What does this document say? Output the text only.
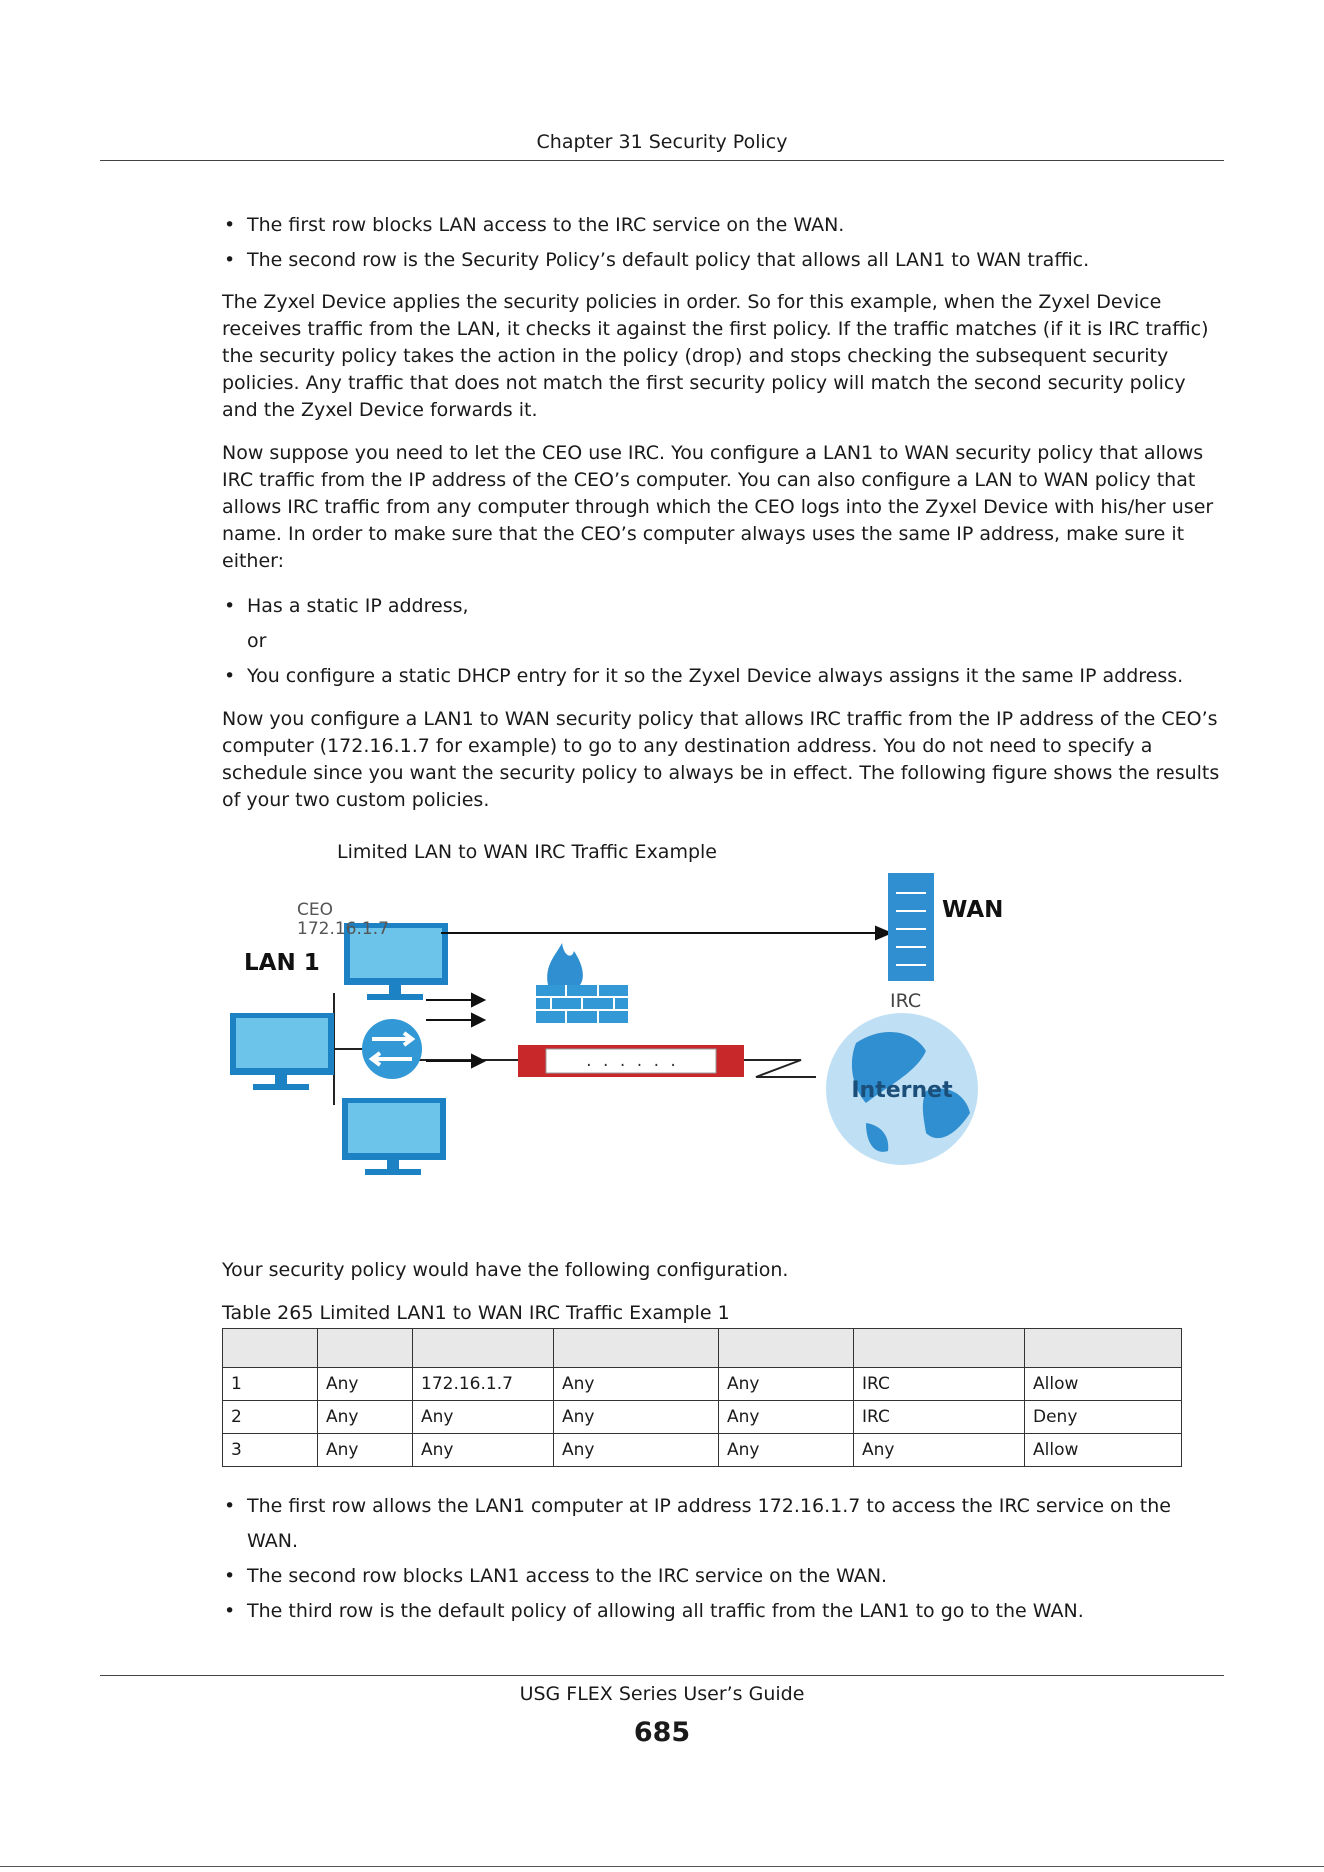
Chapter 31 Security Policy
• The first row blocks LAN access to the IRC service on the WAN.
• The second row is the Security Policy’s default policy that allows all LAN1 to WAN traffic.

The Zyxel Device applies the security policies in order. So for this example, when the Zyxel Device receives traffic from the LAN, it checks it against the first policy. If the traffic matches (if it is IRC traffic) the security policy takes the action in the policy (drop) and stops checking the subsequent security policies. Any traffic that does not match the first security policy will match the second security policy and the Zyxel Device forwards it.

Now suppose you need to let the CEO use IRC. You configure a LAN1 to WAN security policy that allows IRC traffic from the IP address of the CEO’s computer. You can also configure a LAN to WAN policy that allows IRC traffic from any computer through which the CEO logs into the Zyxel Device with his/her user name. In order to make sure that the CEO’s computer always uses the same IP address, make sure it either:

• Has a static IP address,
or
• You configure a static DHCP entry for it so the Zyxel Device always assigns it the same IP address.

Now you configure a LAN1 to WAN security policy that allows IRC traffic from the IP address of the CEO’s computer (172.16.1.7 for example) to go to any destination address. You do not need to specify a schedule since you want the security policy to always be in effect. The following figure shows the results of your two custom policies.

Limited LAN to WAN IRC Traffic Example
. . . . . .
CEO
172.16.1.7
LAN 1
WAN
IRC
Internet

Your security policy would have the following configuration.

Table 265 Limited LAN1 to WAN IRC Traffic Example 1

1	Any	172.16.1.7	Any	Any	IRC	Allow
2	Any	Any	Any	Any	IRC	Deny
3	Any	Any	Any	Any	Any	Allow
• The first row allows the LAN1 computer at IP address 172.16.1.7 to access the IRC service on the WAN.
• The second row blocks LAN1 access to the IRC service on the WAN.
• The third row is the default policy of allowing all traffic from the LAN1 to go to the WAN.
USG FLEX Series User’s Guide
685
